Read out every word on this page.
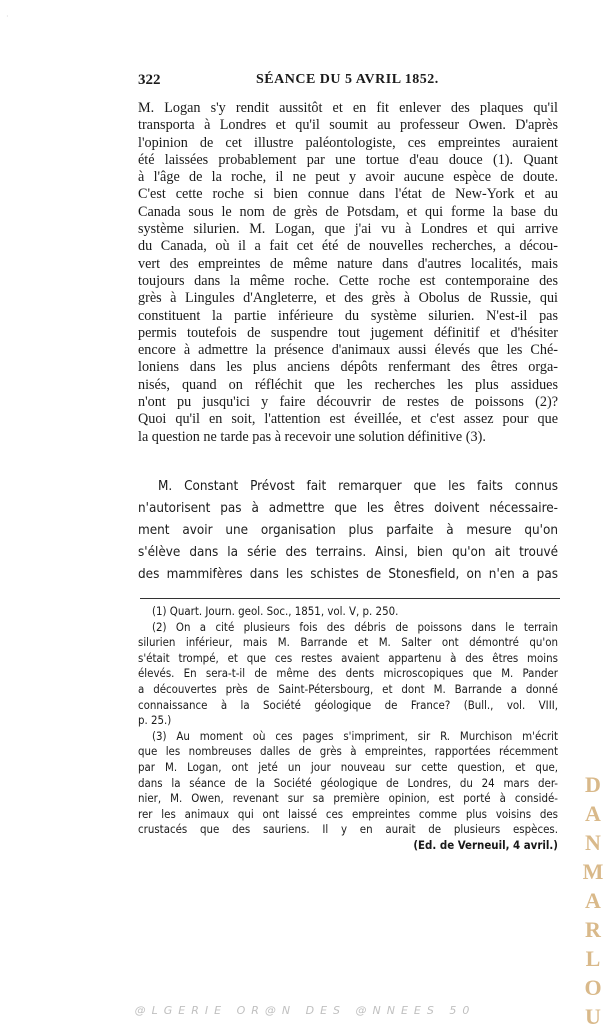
·
322	SÉANCE DU 5 AVRIL 1852.
M. Logan s'y rendit aussitôt et en fit enlever des plaques qu'il
transporta à Londres et qu'il soumit au professeur Owen. D'après
l'opinion de cet illustre paléontologiste, ces empreintes auraient
été laissées probablement par une tortue d'eau douce (1). Quant
à l'âge de la roche, il ne peut y avoir aucune espèce de doute.
C'est cette roche si bien connue dans l'état de New-York et au
Canada sous le nom de grès de Potsdam, et qui forme la base du
système silurien. M. Logan, que j'ai vu à Londres et qui arrive
du Canada, où il a fait cet été de nouvelles recherches, a décou-
vert des empreintes de même nature dans d'autres localités, mais
toujours dans la même roche. Cette roche est contemporaine des
grès à Lingules d'Angleterre, et des grès à Obolus de Russie, qui
constituent la partie inférieure du système silurien. N'est-il pas
permis toutefois de suspendre tout jugement définitif et d'hésiter
encore à admettre la présence d'animaux aussi élevés que les Ché-
loniens dans les plus anciens dépôts renfermant des êtres orga-
nisés, quand on réfléchit que les recherches les plus assidues
n'ont pu jusqu'ici y faire découvrir de restes de poissons (2)?
Quoi qu'il en soit, l'attention est éveillée, et c'est assez pour que
la question ne tarde pas à recevoir une solution définitive (3).
M. Constant Prévost fait remarquer que les faits connus
n'autorisent pas à admettre que les êtres doivent nécessaire-
ment avoir une organisation plus parfaite à mesure qu'on
s'élève dans la série des terrains. Ainsi, bien qu'on ait trouvé
des mammifères dans les schistes de Stonesfield, on n'en a pas
(1) Quart. Journ. geol. Soc., 1851, vol. V, p. 250.
(2) On a cité plusieurs fois des débris de poissons dans le terrain
silurien inférieur, mais M. Barrande et M. Salter ont démontré qu'on
s'était trompé, et que ces restes avaient appartenu à des êtres moins
élevés. En sera-t-il de même des dents microscopiques que M. Pander
a découvertes près de Saint-Pétersbourg, et dont M. Barrande a donné
connaissance à la Société géologique de France? (Bull., vol. VIII,
p. 25.)
(3) Au moment où ces pages s'impriment, sir R. Murchison m'écrit
que les nombreuses dalles de grès à empreintes, rapportées récemment
par M. Logan, ont jeté un jour nouveau sur cette question, et que,
dans la séance de la Société géologique de Londres, du 24 mars der-
nier, M. Owen, revenant sur sa première opinion, est porté à considé-
rer les animaux qui ont laissé ces empreintes comme plus voisins des
crustacés que des sauriens. Il y en aurait de plusieurs espèces.
(Ed. de Verneuil, 4 avril.)
D
A
N
M
A
R
L
O
U
@LGERIE OR@N DES @NNEES 50
